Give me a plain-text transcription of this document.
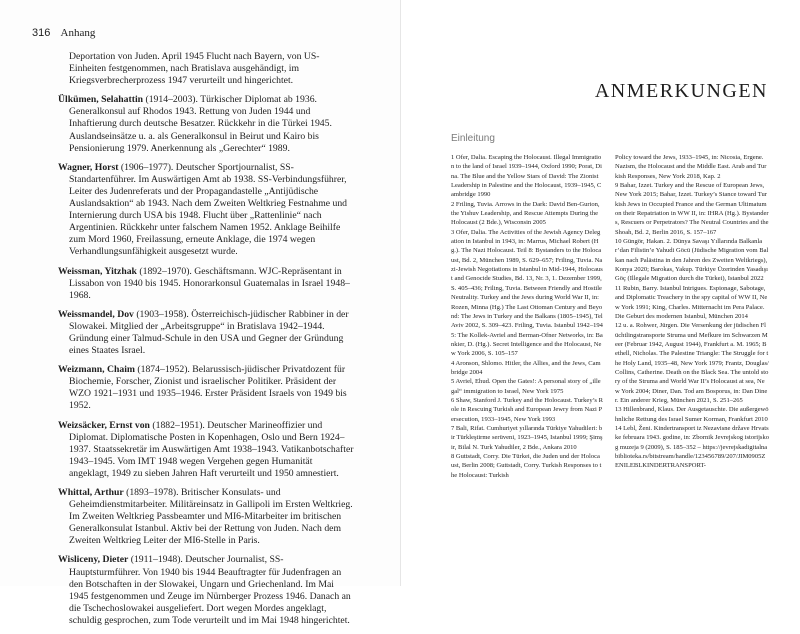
316 Anhang

Deportation von Juden. April 1945 Flucht nach Bayern, von US-Einheiten festgenommen, nach Bratislava ausgehändigt, im Kriegsverbrecherprozess 1947 verurteilt und hingerichtet.

Ülkümen, Selahattin (1914–2003). Türkischer Diplomat ab 1936. Generalkonsul auf Rhodos 1943. Rettung von Juden 1944 und Inhaftierung durch deutsche Besatzer. Rückkehr in die Türkei 1945. Auslandseinsätze u. a. als Generalkonsul in Beirut und Kairo bis Pensionierung 1979. Anerkennung als „Gerechter“ 1989.

Wagner, Horst (1906–1977). Deutscher Sportjournalist, SS-Standartenführer. Im Auswärtigen Amt ab 1938. SS-Verbindungsführer, Leiter des Judenreferats und der Propagandastelle „Antijüdische Auslandsaktion“ ab 1943. Nach dem Zweiten Weltkrieg Festnahme und Internierung durch USA bis 1948. Flucht über „Rattenlinie“ nach Argentinien. Rückkehr unter falschem Namen 1952. Anklage Beihilfe zum Mord 1960, Freilassung, erneute Anklage, die 1974 wegen Verhandlungsunfähigkeit ausgesetzt wurde.

Weissman, Yitzhak (1892–1970). Geschäftsmann. WJC-Repräsentant in Lissabon von 1940 bis 1945. Honorarkonsul Guatemalas in Israel 1948–1968.

Weissmandel, Dov (1903–1958). Österreichisch-jüdischer Rabbiner in der Slowakei. Mitglied der „Arbeitsgruppe“ in Bratislava 1942–1944. Gründung einer Talmud-Schule in den USA und Gegner der Gründung eines Staates Israel.

Weizmann, Chaim (1874–1952). Belarussisch-jüdischer Privatdozent für Biochemie, Forscher, Zionist und israelischer Politiker. Präsident der WZO 1921–1931 und 1935–1946. Erster Präsident Israels von 1949 bis 1952.

Weizsäcker, Ernst von (1882–1951). Deutscher Marineoffizier und Diplomat. Diplomatische Posten in Kopenhagen, Oslo und Bern 1924–1937. Staatssekretär im Auswärtigen Amt 1938–1943. Vatikanbotschafter 1943–1945. Vom IMT 1948 wegen Vergehen gegen Humanität angeklagt, 1949 zu sieben Jahren Haft verurteilt und 1950 amnestiert.

Whittal, Arthur (1893–1978). Britischer Konsulats- und Geheimdienstmitarbeiter. Militäreinsatz in Gallipoli im Ersten Weltkrieg. Im Zweiten Weltkrieg Passbeamter und MI6-Mitarbeiter im britischen Generalkonsulat Istanbul. Aktiv bei der Rettung von Juden. Nach dem Zweiten Weltkrieg Leiter der MI6-Stelle in Paris.

Wisliceny, Dieter (1911–1948). Deutscher Journalist, SS-Hauptsturmführer. Von 1940 bis 1944 Beauftragter für Judenfragen an den Botschaften in der Slowakei, Ungarn und Griechenland. Im Mai 1945 festgenommen und Zeuge im Nürnberger Prozess 1946. Danach an die Tschechoslowakei ausgeliefert. Dort wegen Mordes angeklagt, schuldig gesprochen, zum Tode verurteilt und im Mai 1948 hingerichtet.

ANMERKUNGEN
Einleitung

1 Ofer, Dalia. Escaping the Holocaust. Illegal Immigration to the land of Israel 1939–1944, Oxford 1990; Porat, Dina. The Blue and the Yellow Stars of David: The Zionist Leadership in Palestine and the Holocaust, 1939–1945, Cambridge 1990

2 Friling, Tuvia. Arrows in the Dark: David Ben-Gurion, the Yishuv Leadership, and Rescue Attempts During the Holocaust (2 Bde.), Wisconsin 2005

3 Ofer, Dalia. The Activities of the Jewish Agency Delegation in Istanbul in 1943, in: Marrus, Michael Robert (Hg.). The Nazi Holocaust. Teil 8: Bystanders to the Holocaust, Bd. 2, München 1989, S. 629–657; Friling, Tuvia. Nazi-Jewish Negotiations in Istanbul in Mid-1944, Holocaust and Genocide Studies, Bd. 13, Nr. 3, 1. Dezember 1999, S. 405–436; Friling, Tuvia. Between Friendly and Hostile Neutrality. Turkey and the Jews during World War II, in: Rozen, Minna (Hg.) The Last Ottoman Century and Beyond: The Jews in Turkey and the Balkans (1805–1945), Tel Aviv 2002, S. 309–423. Friling, Tuvia. Istanbul 1942–1945: The Kollek-Avriel and Berman-Ofner Networks, in: Bankier, D. (Hg.). Secret Intelligence and the Holocaust, New York 2006, S. 105–157

4 Aronson, Shlomo. Hitler, the Allies, and the Jews, Cambridge 2004

5 Avriel, Ehud. Open the Gates!: A personal story of „illegal“ immigration to Israel, New York 1975

6 Shaw, Stanford J. Turkey and the Holocaust. Turkey’s Role in Rescuing Turkish and European Jewry from Nazi Persecution, 1933–1945, New York 1993

7 Bali, Rifat. Cumhuriyet yıllarında Türkiye Yahudileri: bir Türkleştirme serüveni, 1923–1945, Istanbul 1999; Şimşir, Bilal N. Turk Yahudiler, 2 Bde., Ankara 2010

8 Guttstadt, Corry. Die Türkei, die Juden und der Holocaust, Berlin 2008; Guttstadt, Corry. Turkish Responses to the Holocaust: Turkish

Policy toward the Jews, 1933–1945, in: Nicosia, Ergene. Nazism, the Holocaust and the Middle East. Arab and Turkish Responses, New York 2018, Kap. 2

9 Bahar, Izzet. Turkey and the Rescue of European Jews, New York 2015; Bahar, Izzet. Turkey’s Stance toward Turkish Jews in Occupied France and the German Ultimatum on their Repatriation in WW II, in: IHRA (Hg.). Bystanders, Rescuers or Perpetrators? The Neutral Countries and the Shoah, Bd. 2, Berlin 2016, S. 157–167

10 Güngör, Hakan. 2. Dünya Savaşı Yıllarında Balkanlar’dan Filistin’e Yahudi Göcü (Jüdische Migration vom Balkan nach Palästina in den Jahren des Zweiten Weltkriegs), Konya 2020; Barokas, Yakup. Türkiye Üzerinden Yasadışı Göç (Illegale Migration durch die Türkei), Istanbul 2022

11 Rubin, Barry. Istanbul Intrigues. Espionage, Sabotage, and Diplomatic Treachery in the spy capital of WW II, New York 1991; King, Charles. Mitternacht im Pera Palace. Die Geburt des modernen Istanbul, München 2014

12 u. a. Rohwer, Jürgen. Die Versenkung der jüdischen Flüchtlingstransporte Struma und Mefkure im Schwarzen Meer (Februar 1942, August 1944), Frankfurt a. M. 1965; Bethell, Nicholas. The Palestine Triangle: The Struggle for the Holy Land, 1935–48, New York 1979; Frantz, Douglas/Collins, Catherine. Death on the Black Sea. The untold story of the Struma and World War II’s Holocaust at sea, New York 2004; Diner, Dan. Tod am Bosporus, in: Dan Diner. Ein anderer Krieg, München 2021, S. 251–265

13 Hillenbrand, Klaus. Der Ausgetauschte. Die außergewöhnliche Rettung des Israel Sumer Korman, Frankfurt 2010

14 Lebl, Ženi. Kindertransport iz Nezavisne države Hrvatske februara 1943. godine, in: Zbornik Jevrejskog istorijskog muzeja 9 (2009), S. 185–352 – https://jevrejskadigitalnabiblioteka.rs/bitstream/handle/123456789/207/JIM0905ZENILEBLKINDERTRANSPORT-
